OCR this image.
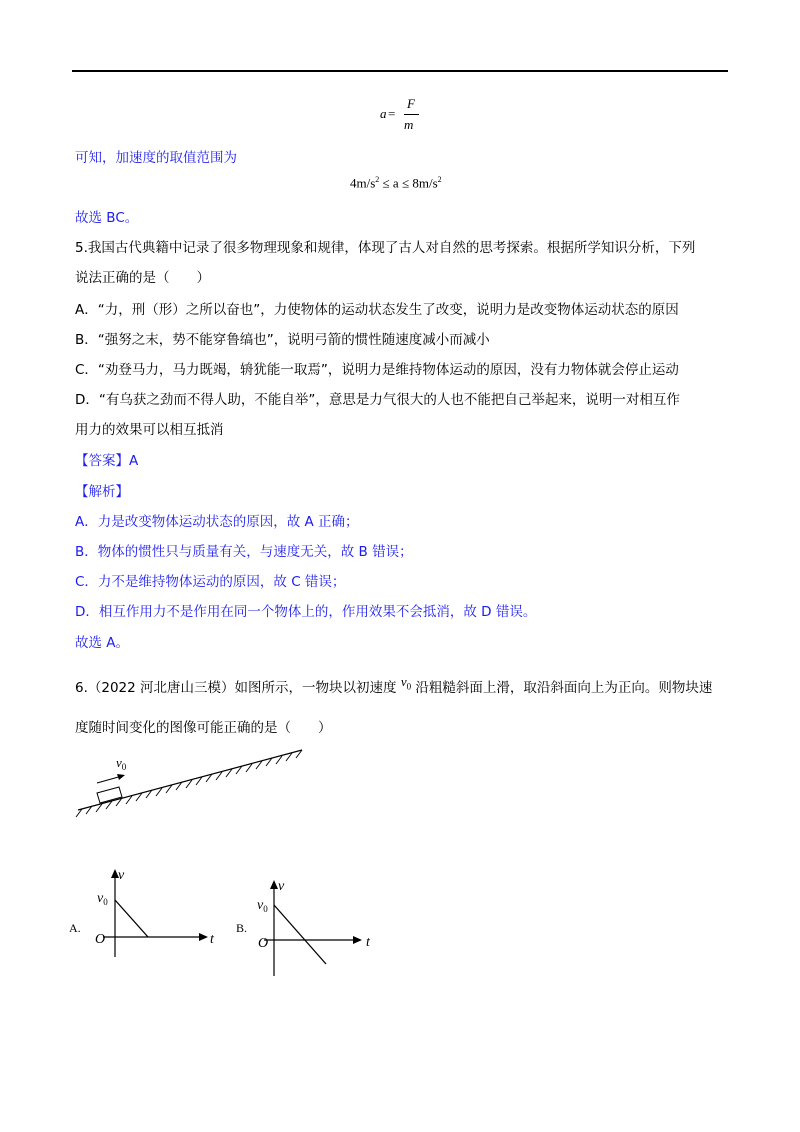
a =
F
m
可知，加速度的取值范围为
$4m/s^2 \le a \le 8m/s^2$
故选 BC。
5.我国古代典籍中记录了很多物理现象和规律，体现了古人对自然的思考探索。根据所学知识分析，下列
说法正确的是（　　）
A．“力，刑（形）之所以奋也”，力使物体的运动状态发生了改变，说明力是改变物体运动状态的原因
B．“强努之末，势不能穿鲁缟也”，说明弓箭的惯性随速度减小而减小
C．“劝登马力，马力既竭，辀犹能一取焉”，说明力是维持物体运动的原因，没有力物体就会停止运动
D．“有乌获之劲而不得人助，不能自举”，意思是力气很大的人也不能把自己举起来，说明一对相互作
用力的效果可以相互抵消
【答案】A
【解析】
A．力是改变物体运动状态的原因，故 A 正确；
B．物体的惯性只与质量有关，与速度无关，故 B 错误；
C．力不是维持物体运动的原因，故 C 错误；
D．相互作用力不是作用在同一个物体上的，作用效果不会抵消，故 D 错误。
故选 A。
6.（2022 河北唐山三模）如图所示，一物块以初速度 $v_0$ 沿粗糙斜面上滑，取沿斜面向上为正向。则物块速
度随时间变化的图像可能正确的是（　　）
$v_0$
A.
v
t
O
$v_0$
B.
v
t
O
$v_0$
